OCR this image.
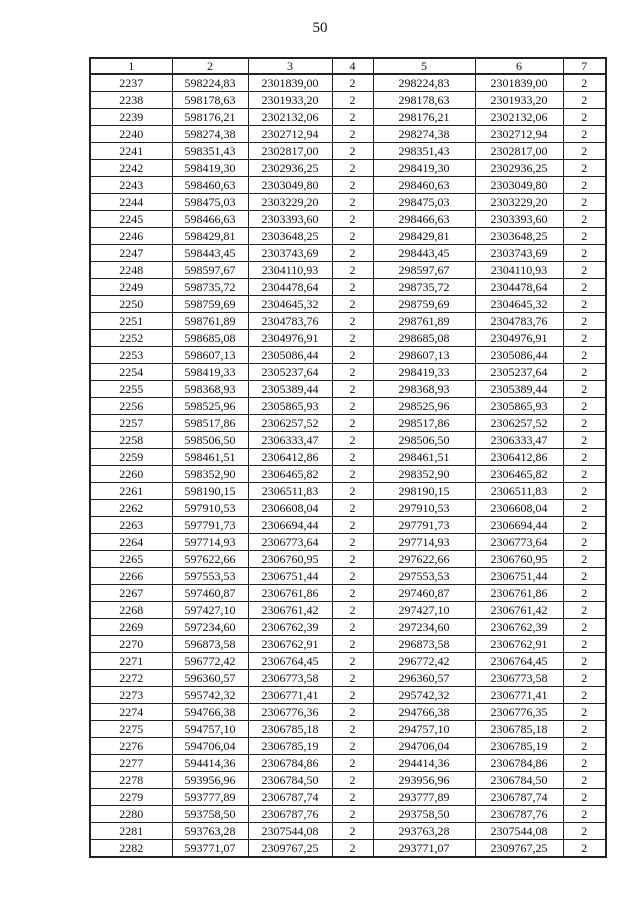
50
1	2	3	4	5	6	7
2237	598224,83	2301839,00	2	298224,83	2301839,00	2
2238	598178,63	2301933,20	2	298178,63	2301933,20	2
2239	598176,21	2302132,06	2	298176,21	2302132,06	2
2240	598274,38	2302712,94	2	298274,38	2302712,94	2
2241	598351,43	2302817,00	2	298351,43	2302817,00	2
2242	598419,30	2302936,25	2	298419,30	2302936,25	2
2243	598460,63	2303049,80	2	298460,63	2303049,80	2
2244	598475,03	2303229,20	2	298475,03	2303229,20	2
2245	598466,63	2303393,60	2	298466,63	2303393,60	2
2246	598429,81	2303648,25	2	298429,81	2303648,25	2
2247	598443,45	2303743,69	2	298443,45	2303743,69	2
2248	598597,67	2304110,93	2	298597,67	2304110,93	2
2249	598735,72	2304478,64	2	298735,72	2304478,64	2
2250	598759,69	2304645,32	2	298759,69	2304645,32	2
2251	598761,89	2304783,76	2	298761,89	2304783,76	2
2252	598685,08	2304976,91	2	298685,08	2304976,91	2
2253	598607,13	2305086,44	2	298607,13	2305086,44	2
2254	598419,33	2305237,64	2	298419,33	2305237,64	2
2255	598368,93	2305389,44	2	298368,93	2305389,44	2
2256	598525,96	2305865,93	2	298525,96	2305865,93	2
2257	598517,86	2306257,52	2	298517,86	2306257,52	2
2258	598506,50	2306333,47	2	298506,50	2306333,47	2
2259	598461,51	2306412,86	2	298461,51	2306412,86	2
2260	598352,90	2306465,82	2	298352,90	2306465,82	2
2261	598190,15	2306511,83	2	298190,15	2306511,83	2
2262	597910,53	2306608,04	2	297910,53	2306608,04	2
2263	597791,73	2306694,44	2	297791,73	2306694,44	2
2264	597714,93	2306773,64	2	297714,93	2306773,64	2
2265	597622,66	2306760,95	2	297622,66	2306760,95	2
2266	597553,53	2306751,44	2	297553,53	2306751,44	2
2267	597460,87	2306761,86	2	297460,87	2306761,86	2
2268	597427,10	2306761,42	2	297427,10	2306761,42	2
2269	597234,60	2306762,39	2	297234,60	2306762,39	2
2270	596873,58	2306762,91	2	296873,58	2306762,91	2
2271	596772,42	2306764,45	2	296772,42	2306764,45	2
2272	596360,57	2306773,58	2	296360,57	2306773,58	2
2273	595742,32	2306771,41	2	295742,32	2306771,41	2
2274	594766,38	2306776,36	2	294766,38	2306776,35	2
2275	594757,10	2306785,18	2	294757,10	2306785,18	2
2276	594706,04	2306785,19	2	294706,04	2306785,19	2
2277	594414,36	2306784,86	2	294414,36	2306784,86	2
2278	593956,96	2306784,50	2	293956,96	2306784,50	2
2279	593777,89	2306787,74	2	293777,89	2306787,74	2
2280	593758,50	2306787,76	2	293758,50	2306787,76	2
2281	593763,28	2307544,08	2	293763,28	2307544,08	2
2282	593771,07	2309767,25	2	293771,07	2309767,25	2
